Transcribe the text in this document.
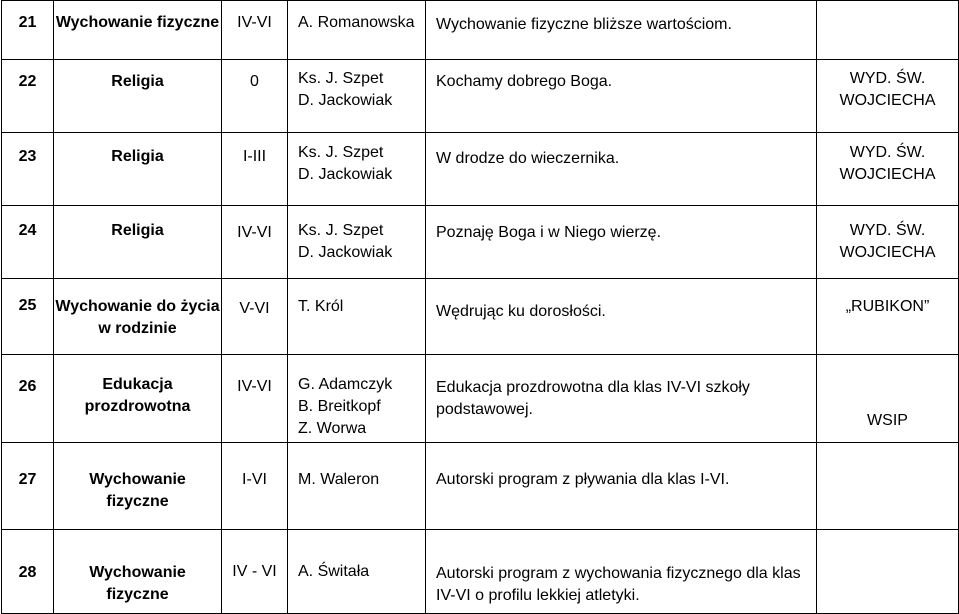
21	Wychowanie fizyczne	IV-VI	A. Romanowska	Wychowanie fizyczne bliższe wartościom.	

22	Religia	0	Ks. J. Szpet
D. Jackowiak	Kochamy dobrego Boga.	WYD. ŚW.
WOJCIECHA

23	Religia	I-III	Ks. J. Szpet
D. Jackowiak	W drodze do wieczernika.	WYD. ŚW.
WOJCIECHA

24	Religia	IV-VI	Ks. J. Szpet
D. Jackowiak	Poznaję Boga i w Niego wierzę.	WYD. ŚW.
WOJCIECHA

25	Wychowanie do życia
w rodzinie	V-VI	T. Król	Wędrując ku dorosłości.	„RUBIKON”

26	Edukacja
prozdrowotna	IV-VI	G. Adamczyk
B. Breitkopf
Z. Worwa	Edukacja prozdrowotna dla klas IV-VI szkoły podstawowej.	WSIP

27	Wychowanie
fizyczne	I-VI	M. Waleron	Autorski program z pływania dla klas I-VI.	

28	Wychowanie
fizyczne	IV - VI	A. Świtała	Autorski program z wychowania fizycznego dla klas IV-VI o profilu lekkiej atletyki.	
